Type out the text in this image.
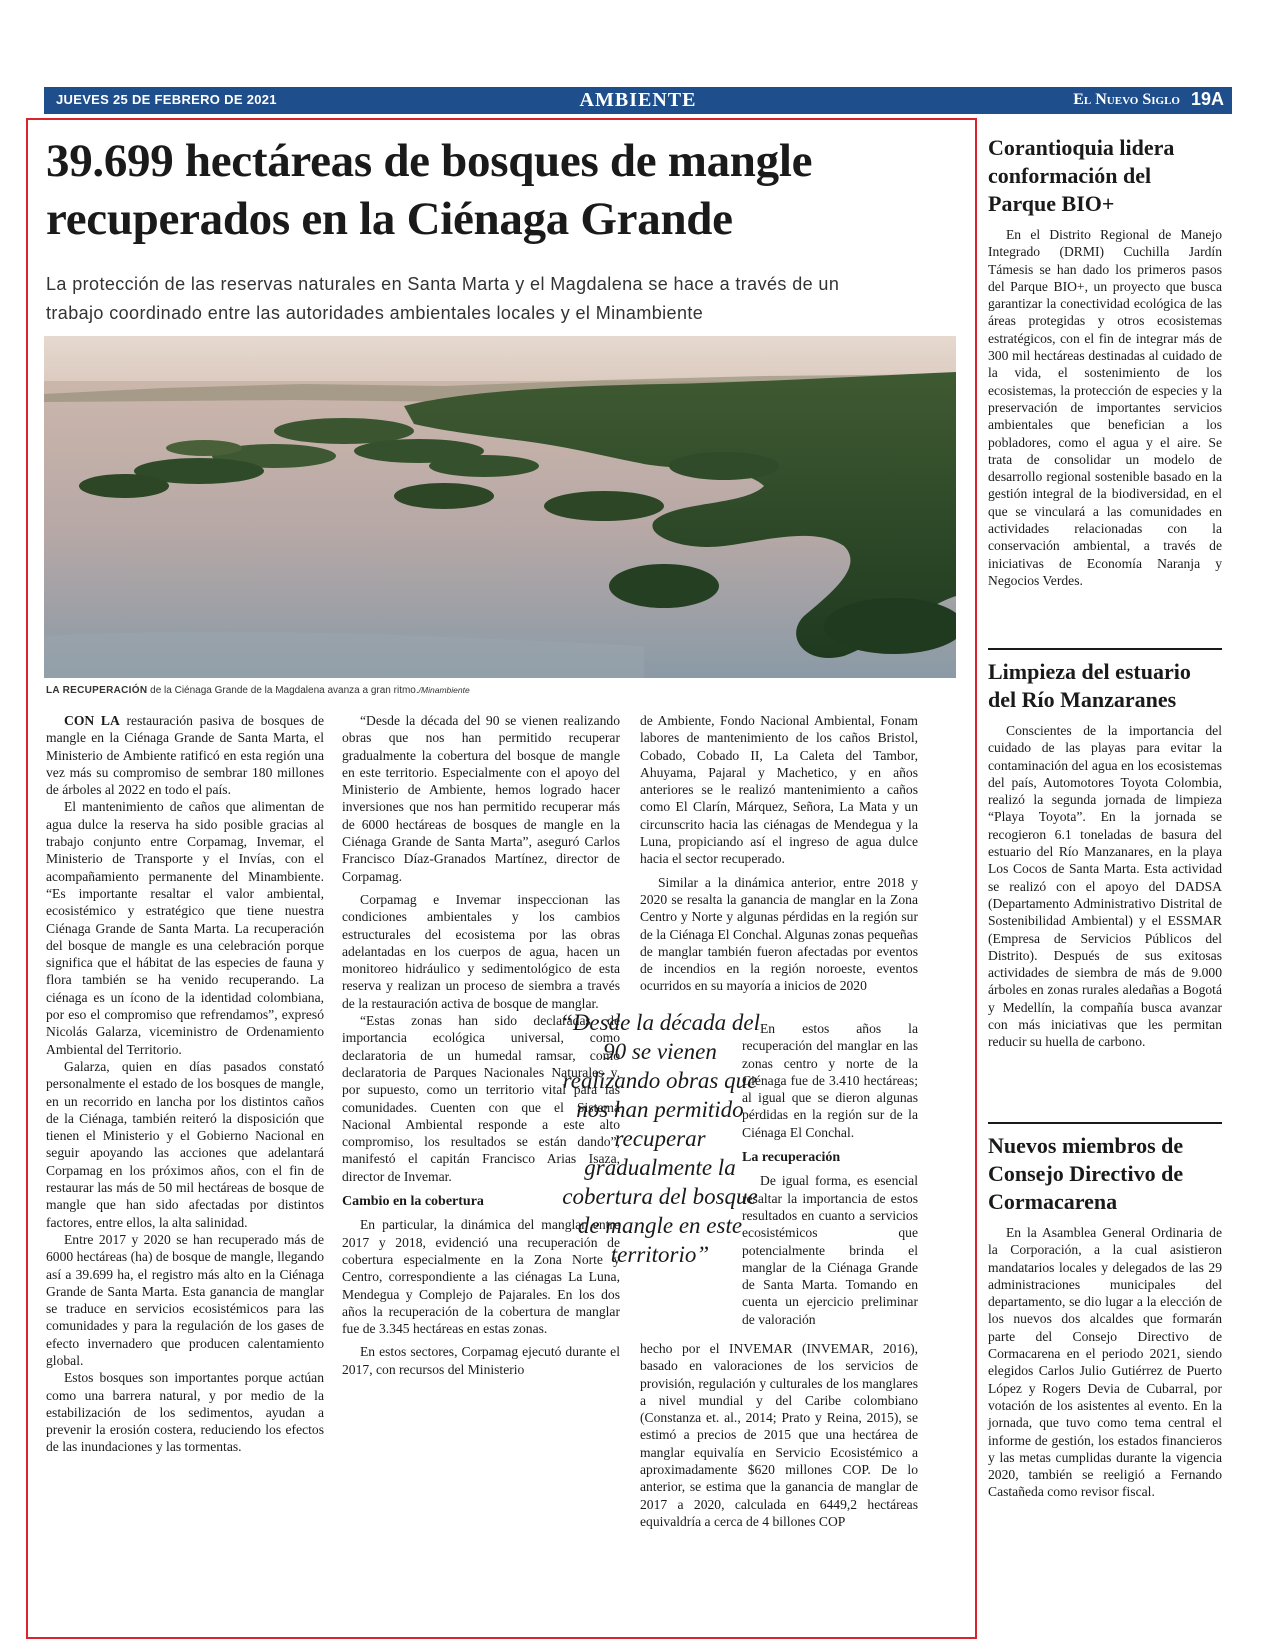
JUEVES 25 DE FEBRERO DE 2021	AMBIENTE	El Nuevo Siglo 19A
39.699 hectáreas de bosques de mangle
recuperados en la Ciénaga Grande
La protección de las reservas naturales en Santa Marta y el Magdalena se hace a través de un
trabajo coordinado entre las autoridades ambientales locales y el Minambiente
LA RECUPERACIÓN de la Ciénaga Grande de la Magdalena avanza a gran ritmo./Minambiente

CON LA restauración pasiva de bosques de mangle en la Ciénaga Grande de Santa Marta, el Ministerio de Ambiente ratificó en esta región una vez más su compromiso de sembrar 180 millones de árboles al 2022 en todo el país.

El mantenimiento de caños que alimentan de agua dulce la reserva ha sido posible gracias al trabajo conjunto entre Corpamag, Invemar, el Ministerio de Transporte y el Invías, con el acompañamiento permanente del Minambiente. “Es importante resaltar el valor ambiental, ecosistémico y estratégico que tiene nuestra Ciénaga Grande de Santa Marta. La recuperación del bosque de mangle es una celebración porque significa que el hábitat de las especies de fauna y flora también se ha venido recuperando. La ciénaga es un ícono de la identidad colombiana, por eso el compromiso que refrendamos”, expresó Nicolás Galarza, viceministro de Ordenamiento Ambiental del Territorio.

Galarza, quien en días pasados constató personalmente el estado de los bosques de mangle, en un recorrido en lancha por los distintos caños de la Ciénaga, también reiteró la disposición que tienen el Ministerio y el Gobierno Nacional en seguir apoyando las acciones que adelantará Corpamag en los próximos años, con el fin de restaurar las más de 50 mil hectáreas de bosque de mangle que han sido afectadas por distintos factores, entre ellos, la alta salinidad.

Entre 2017 y 2020 se han recuperado más de 6000 hectáreas (ha) de bosque de mangle, llegando así a 39.699 ha, el registro más alto en la Ciénaga Grande de Santa Marta. Esta ganancia de manglar se traduce en servicios ecosistémicos para las comunidades y para la regulación de los gases de efecto invernadero que producen calentamiento global.

Estos bosques son importantes porque actúan como una barrera natural, y por medio de la estabilización de los sedimentos, ayudan a prevenir la erosión costera, reduciendo los efectos de las inundaciones y las tormentas.

“Desde la década del 90 se vienen realizando obras que nos han permitido recuperar gradualmente la cobertura del bosque de mangle en este territorio. Especialmente con el apoyo del Ministerio de Ambiente, hemos logrado hacer inversiones que nos han permitido recuperar más de 6000 hectáreas de bosques de mangle en la Ciénaga Grande de Santa Marta”, aseguró Carlos Francisco Díaz-Granados Martínez, director de Corpamag.

Corpamag e Invemar inspeccionan las condiciones ambientales y los cambios estructurales del ecosistema por las obras adelantadas en los cuerpos de agua, hacen un monitoreo hidráulico y sedimentológico de esta reserva y realizan un proceso de siembra a través de la restauración activa de bosque de manglar.

“Estas zonas han sido declaradas de importancia ecológica universal, como declaratoria de un humedal ramsar, como declaratoria de Parques Nacionales Naturales y, por supuesto, como un territorio vital para las comunidades. Cuenten con que el Sistema Nacional Ambiental responde a este alto compromiso, los resultados se están dando”, manifestó el capitán Francisco Arias Isaza, director de Invemar.

Cambio en la cobertura

En particular, la dinámica del manglar entre 2017 y 2018, evidenció una recuperación de cobertura especialmente en la Zona Norte y Centro, correspondiente a las ciénagas La Luna, Mendegua y Complejo de Pajarales. En los dos años la recuperación de la cobertura de manglar fue de 3.345 hectáreas en estas zonas.

En estos sectores, Corpamag ejecutó durante el 2017, con recursos del Ministerio

de Ambiente, Fondo Nacional Ambiental, Fonam labores de mantenimiento de los caños Bristol, Cobado, Cobado II, La Caleta del Tambor, Ahuyama, Pajaral y Machetico, y en años anteriores se le realizó mantenimiento a caños como El Clarín, Márquez, Señora, La Mata y un circunscrito hacia las ciénagas de Mendegua y la Luna, propiciando así el ingreso de agua dulce hacia el sector recuperado.

Similar a la dinámica anterior, entre 2018 y 2020 se resalta la ganancia de manglar en la Zona Centro y Norte y algunas pérdidas en la región sur de la Ciénaga El Conchal. Algunas zonas pequeñas de manglar también fueron afectadas por eventos de incendios en la región noroeste, eventos ocurridos en su mayoría a inicios de 2020

En estos años la recuperación del manglar en las zonas centro y norte de la Ciénaga fue de 3.410 hectáreas; al igual que se dieron algunas pérdidas en la región sur de la Ciénaga El Conchal.

La recuperación

De igual forma, es esencial resaltar la importancia de estos resultados en cuanto a servicios ecosistémicos que potencialmente brinda el manglar de la Ciénaga Grande de Santa Marta. Tomando en cuenta un ejercicio preliminar de valoración

hecho por el INVEMAR (INVEMAR, 2016), basado en valoraciones de los servicios de provisión, regulación y culturales de los manglares a nivel mundial y del Caribe colombiano (Constanza et. al., 2014; Prato y Reina, 2015), se estimó a precios de 2015 que una hectárea de manglar equivalía en Servicio Ecosistémico a aproximadamente $620 millones COP. De lo anterior, se estima que la ganancia de manglar de 2017 a 2020, calculada en 6449,2 hectáreas equivaldría a cerca de 4 billones COP

“Desde la década del 90 se vienen realizando obras que nos han permitido recuperar gradualmente la cobertura del bosque de mangle en este territorio”
Corantioquia lidera conformación del Parque BIO+

En el Distrito Regional de Manejo Integrado (DRMI) Cuchilla Jardín Támesis se han dado los primeros pasos del Parque BIO+, un proyecto que busca garantizar la conectividad ecológica de las áreas protegidas y otros ecosistemas estratégicos, con el fin de integrar más de 300 mil hectáreas destinadas al cuidado de la vida, el sostenimiento de los ecosistemas, la protección de especies y la preservación de importantes servicios ambientales que benefician a los pobladores, como el agua y el aire. Se trata de consolidar un modelo de desarrollo regional sostenible basado en la gestión integral de la biodiversidad, en el que se vinculará a las comunidades en actividades relacionadas con la conservación ambiental, a través de iniciativas de Economía Naranja y Negocios Verdes.

Limpieza del estuario del Río Manzaranes

Conscientes de la importancia del cuidado de las playas para evitar la contaminación del agua en los ecosistemas del país, Automotores Toyota Colombia, realizó la segunda jornada de limpieza “Playa Toyota”. En la jornada se recogieron 6.1 toneladas de basura del estuario del Río Manzanares, en la playa Los Cocos de Santa Marta. Esta actividad se realizó con el apoyo del DADSA (Departamento Administrativo Distrital de Sostenibilidad Ambiental) y el ESSMAR (Empresa de Servicios Públicos del Distrito). Después de sus exitosas actividades de siembra de más de 9.000 árboles en zonas rurales aledañas a Bogotá y Medellín, la compañía busca avanzar con más iniciativas que les permitan reducir su huella de carbono.

Nuevos miembros de Consejo Directivo de Cormacarena

En la Asamblea General Ordinaria de la Corporación, a la cual asistieron mandatarios locales y delegados de las 29 administraciones municipales del departamento, se dio lugar a la elección de los nuevos dos alcaldes que formarán parte del Consejo Directivo de Cormacarena en el periodo 2021, siendo elegidos Carlos Julio Gutiérrez de Puerto López y Rogers Devia de Cubarral, por votación de los asistentes al evento. En la jornada, que tuvo como tema central el informe de gestión, los estados financieros y las metas cumplidas durante la vigencia 2020, también se reeligió a Fernando Castañeda como revisor fiscal.
